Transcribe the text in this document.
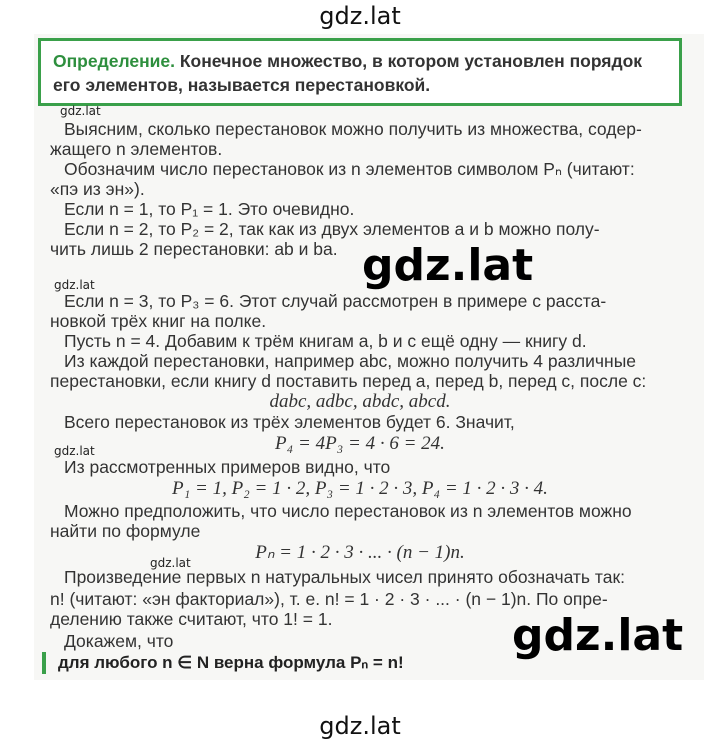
gdz.lat
Определение. Конечное множество, в котором установлен порядок его элементов, называется перестановкой.
gdz.lat
Выясним, сколько перестановок можно получить из множества, содер-
жащего n элементов.
Обозначим число перестановок из n элементов символом Pₙ (читают:
«пэ из эн»).
Если n = 1, то P₁ = 1. Это очевидно.
Если n = 2, то P₂ = 2, так как из двух элементов a и b можно полу-
чить лишь 2 перестановки: ab и ba. gdz.lat
gdz.lat
Если n = 3, то P₃ = 6. Этот случай рассмотрен в примере с расста-
новкой трёх книг на полке.
Пусть n = 4. Добавим к трём книгам a, b и c ещё одну — книгу d.
Из каждой перестановки, например abc, можно получить 4 различные
перестановки, если книгу d поставить перед a, перед b, перед c, после c:
dabc, adbc, abdc, abcd.
Всего перестановок из трёх элементов будет 6. Значит,
P₄ = 4P₃ = 4 · 6 = 24.
gdz.lat
Из рассмотренных примеров видно, что
P₁ = 1, P₂ = 1 · 2, P₃ = 1 · 2 · 3, P₄ = 1 · 2 · 3 · 4.
Можно предположить, что число перестановок из n элементов можно
найти по формуле
Pₙ = 1 · 2 · 3 · ... · (n − 1)n.
gdz.lat
Произведение первых n натуральных чисел принято обозначать так:
n! (читают: «эн факториал»), т. е. n! = 1 · 2 · 3 · ... · (n − 1)n. По опре-
делению также считают, что 1! = 1.
Докажем, что	gdz.lat
для любого n ∈ N верна формула Pₙ = n!
gdz.lat
